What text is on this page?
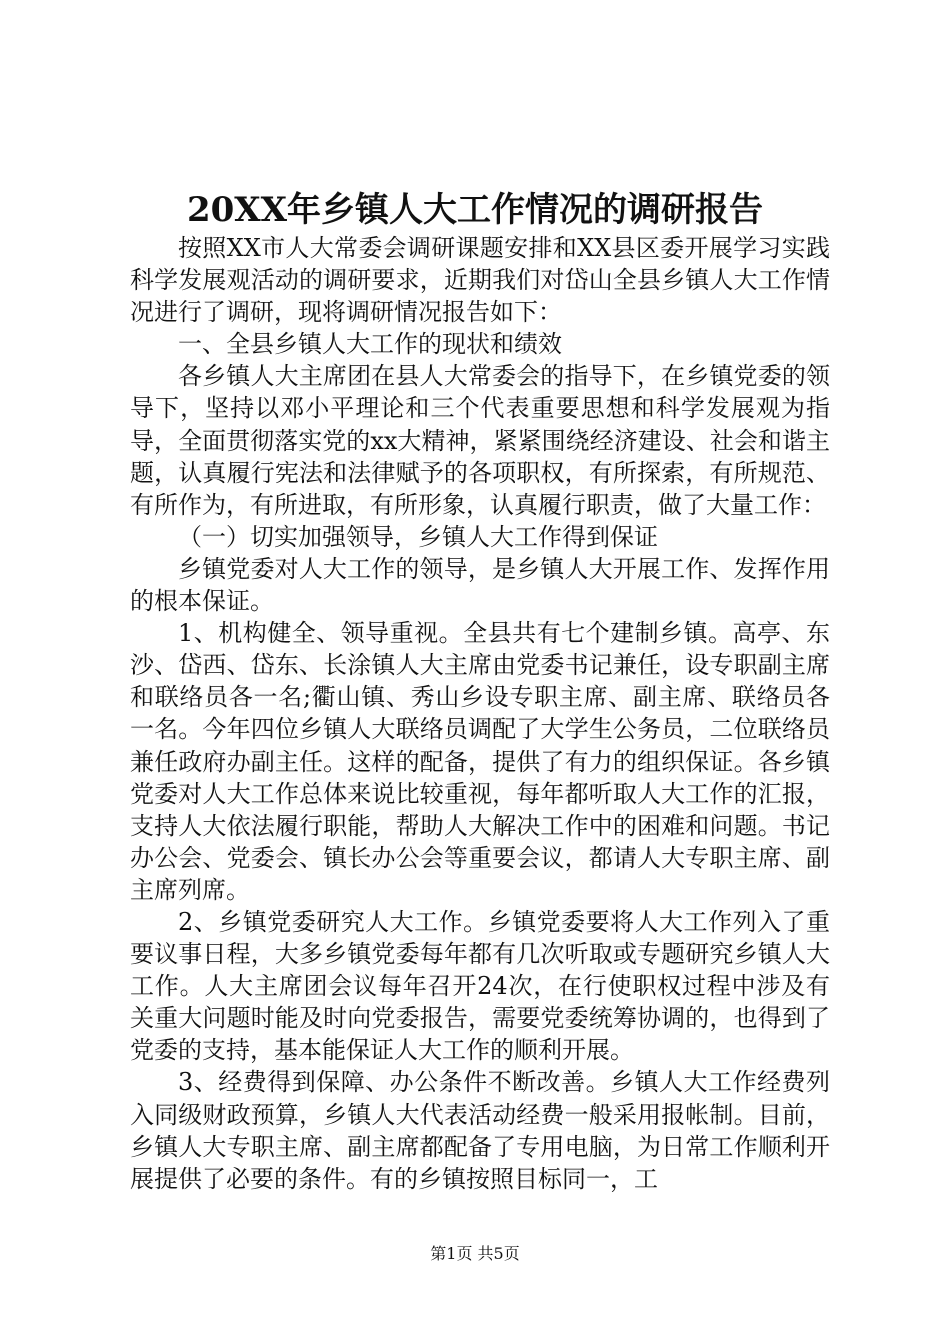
20XX年乡镇人大工作情况的调研报告

按照XX市人大常委会调研课题安排和XX县区委开展学习实践科学发展观活动的调研要求，近期我们对岱山全县乡镇人大工作情况进行了调研，现将调研情况报告如下：

一、全县乡镇人大工作的现状和绩效

各乡镇人大主席团在县人大常委会的指导下，在乡镇党委的领导下，坚持以邓小平理论和三个代表重要思想和科学发展观为指导，全面贯彻落实党的xx大精神，紧紧围绕经济建设、社会和谐主题，认真履行宪法和法律赋予的各项职权，有所探索，有所规范、有所作为，有所进取，有所形象，认真履行职责，做了大量工作：

（一）切实加强领导，乡镇人大工作得到保证

乡镇党委对人大工作的领导，是乡镇人大开展工作、发挥作用的根本保证。

1、机构健全、领导重视。全县共有七个建制乡镇。高亭、东沙、岱西、岱东、长涂镇人大主席由党委书记兼任，设专职副主席和联络员各一名;衢山镇、秀山乡设专职主席、副主席、联络员各一名。今年四位乡镇人大联络员调配了大学生公务员，二位联络员兼任政府办副主任。这样的配备，提供了有力的组织保证。各乡镇党委对人大工作总体来说比较重视，每年都听取人大工作的汇报，支持人大依法履行职能，帮助人大解决工作中的困难和问题。书记办公会、党委会、镇长办公会等重要会议，都请人大专职主席、副主席列席。

2、乡镇党委研究人大工作。乡镇党委要将人大工作列入了重要议事日程，大多乡镇党委每年都有几次听取或专题研究乡镇人大工作。人大主席团会议每年召开24次，在行使职权过程中涉及有关重大问题时能及时向党委报告，需要党委统筹协调的，也得到了党委的支持，基本能保证人大工作的顺利开展。

3、经费得到保障、办公条件不断改善。乡镇人大工作经费列入同级财政预算，乡镇人大代表活动经费一般采用报帐制。目前，乡镇人大专职主席、副主席都配备了专用电脑，为日常工作顺利开展提供了必要的条件。有的乡镇按照目标同一，工

第1页 共5页
